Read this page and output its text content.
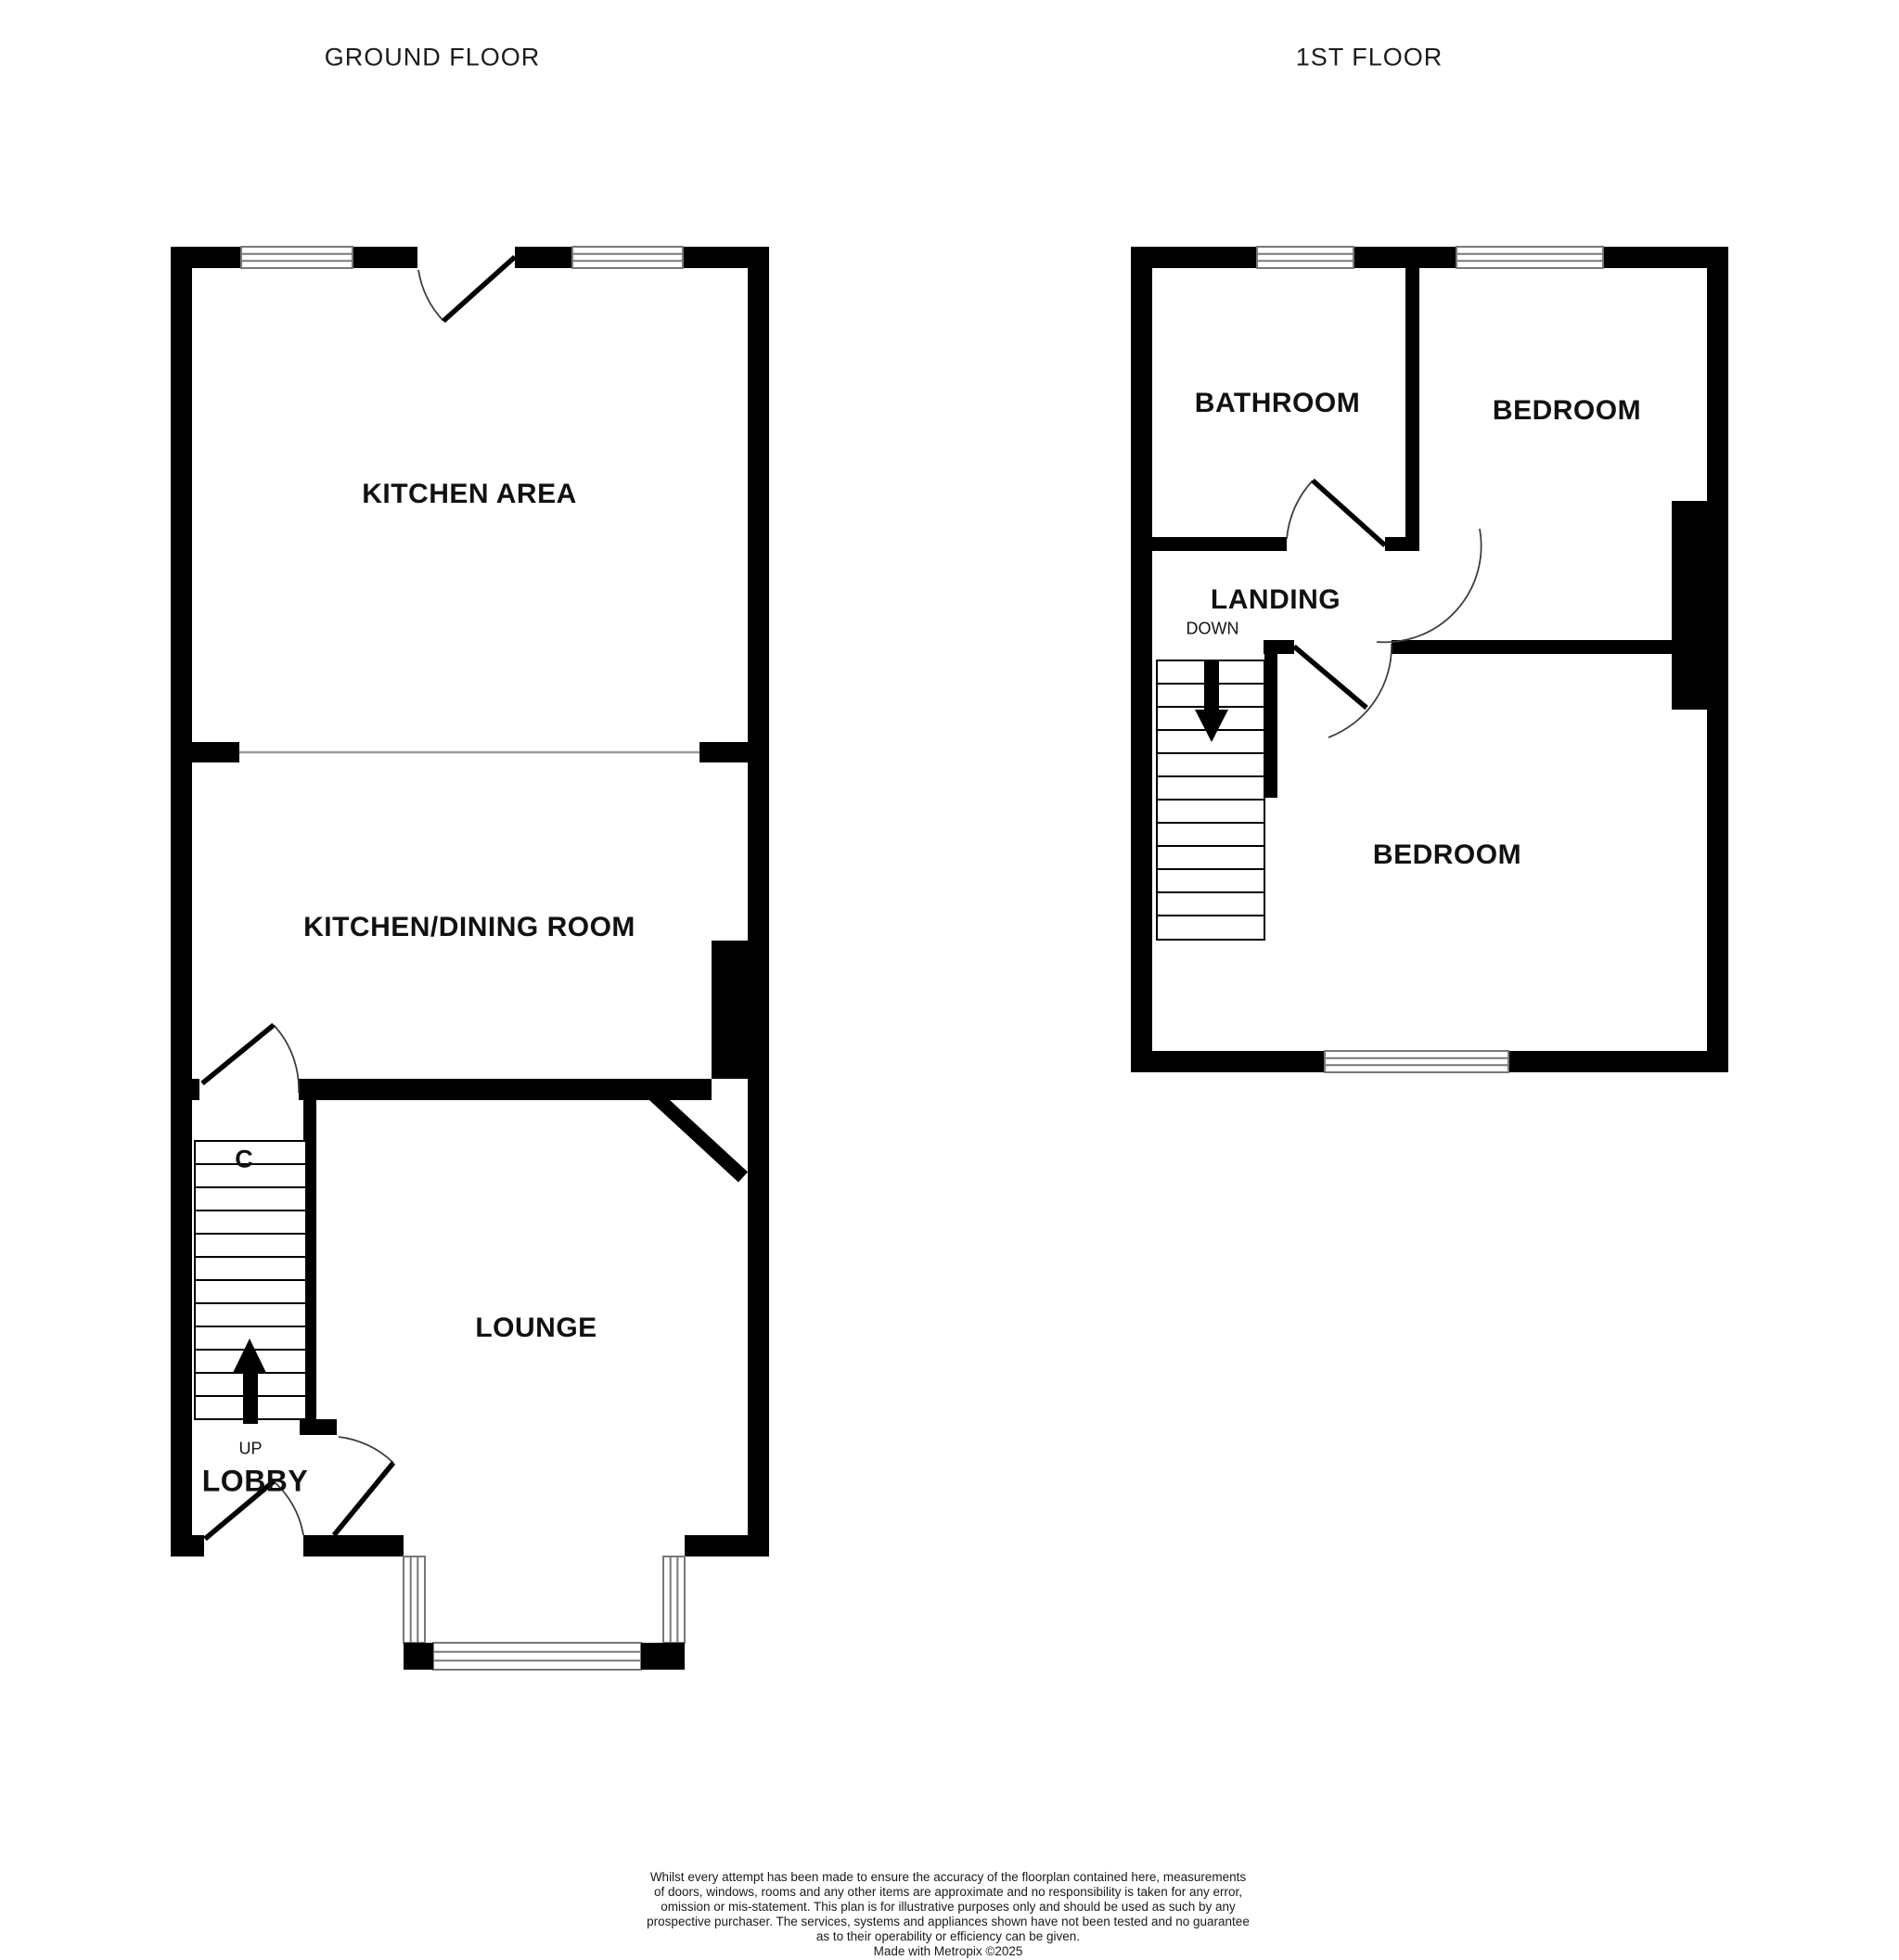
GROUND FLOOR	1ST FLOOR
KITCHEN AREA
KITCHEN/DINING ROOM
LOUNGE
LOBBY
UP
C
BATHROOM	BEDROOM
LANDING
DOWN
BEDROOM
Whilst every attempt has been made to ensure the accuracy of the floorplan contained here, measurements
of doors, windows, rooms and any other items are approximate and no responsibility is taken for any error,
omission or mis-statement. This plan is for illustrative purposes only and should be used as such by any
prospective purchaser. The services, systems and appliances shown have not been tested and no guarantee
as to their operability or efficiency can be given.
Made with Metropix ©2025
